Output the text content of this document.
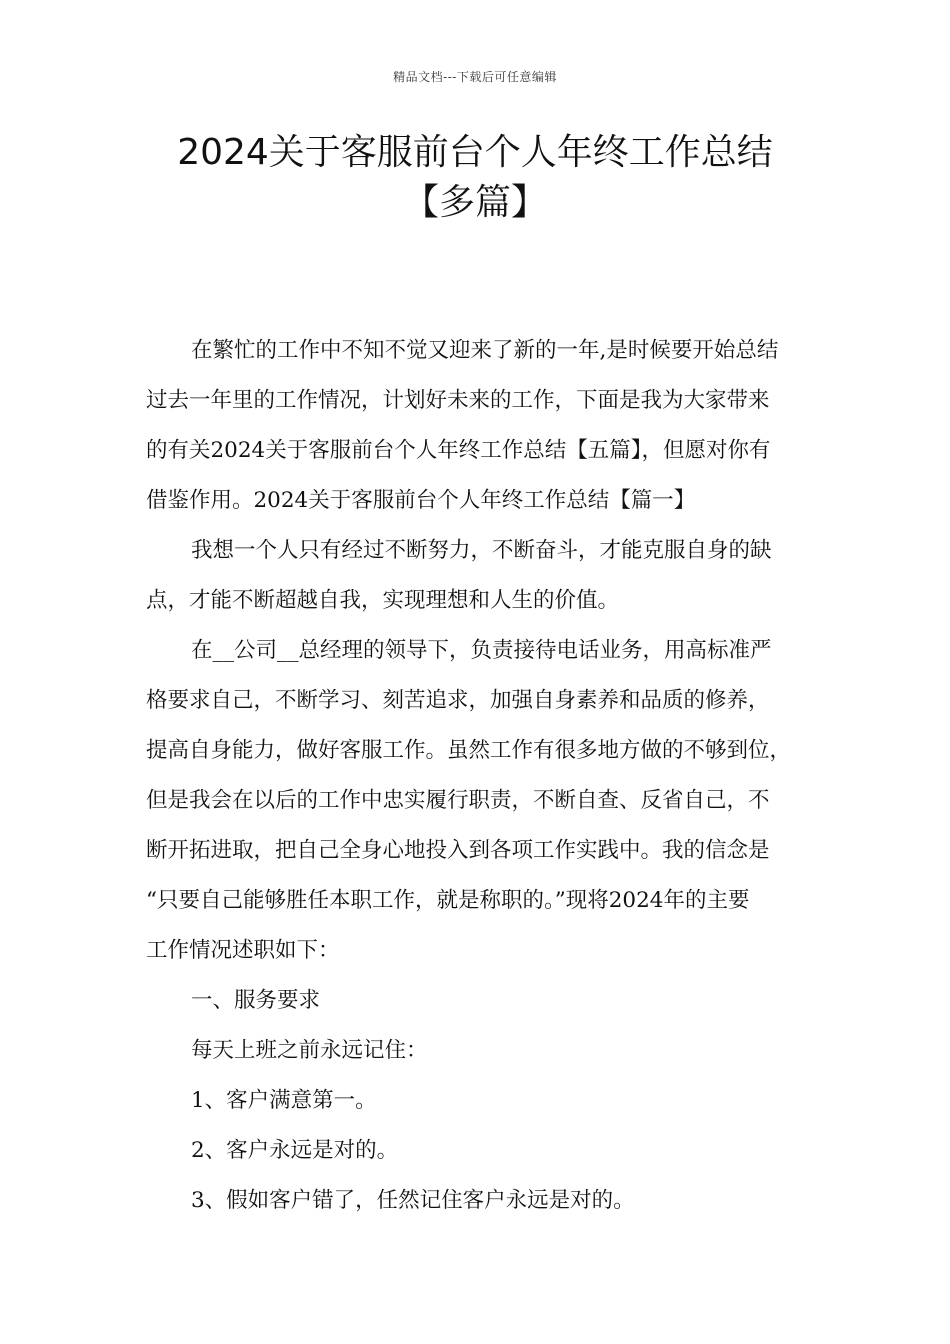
精品文档---下载后可任意编辑
2024关于客服前台个人年终工作总结
【多篇】
在繁忙的工作中不知不觉又迎来了新的一年,是时候要开始总结
过去一年里的工作情况，计划好未来的工作，下面是我为大家带来
的有关2024关于客服前台个人年终工作总结【五篇】，但愿对你有
借鉴作用。2024关于客服前台个人年终工作总结【篇一】
我想一个人只有经过不断努力，不断奋斗，才能克服自身的缺
点，才能不断超越自我，实现理想和人生的价值。
在__公司__总经理的领导下，负责接待电话业务，用高标准严
格要求自己，不断学习、刻苦追求，加强自身素养和品质的修养，
提高自身能力，做好客服工作。虽然工作有很多地方做的不够到位，
但是我会在以后的工作中忠实履行职责，不断自查、反省自己，不
断开拓进取，把自己全身心地投入到各项工作实践中。我的信念是
“只要自己能够胜任本职工作，就是称职的。”现将2024年的主要
工作情况述职如下：
一、服务要求
每天上班之前永远记住：
1、客户满意第一。
2、客户永远是对的。
3、假如客户错了，任然记住客户永远是对的。
